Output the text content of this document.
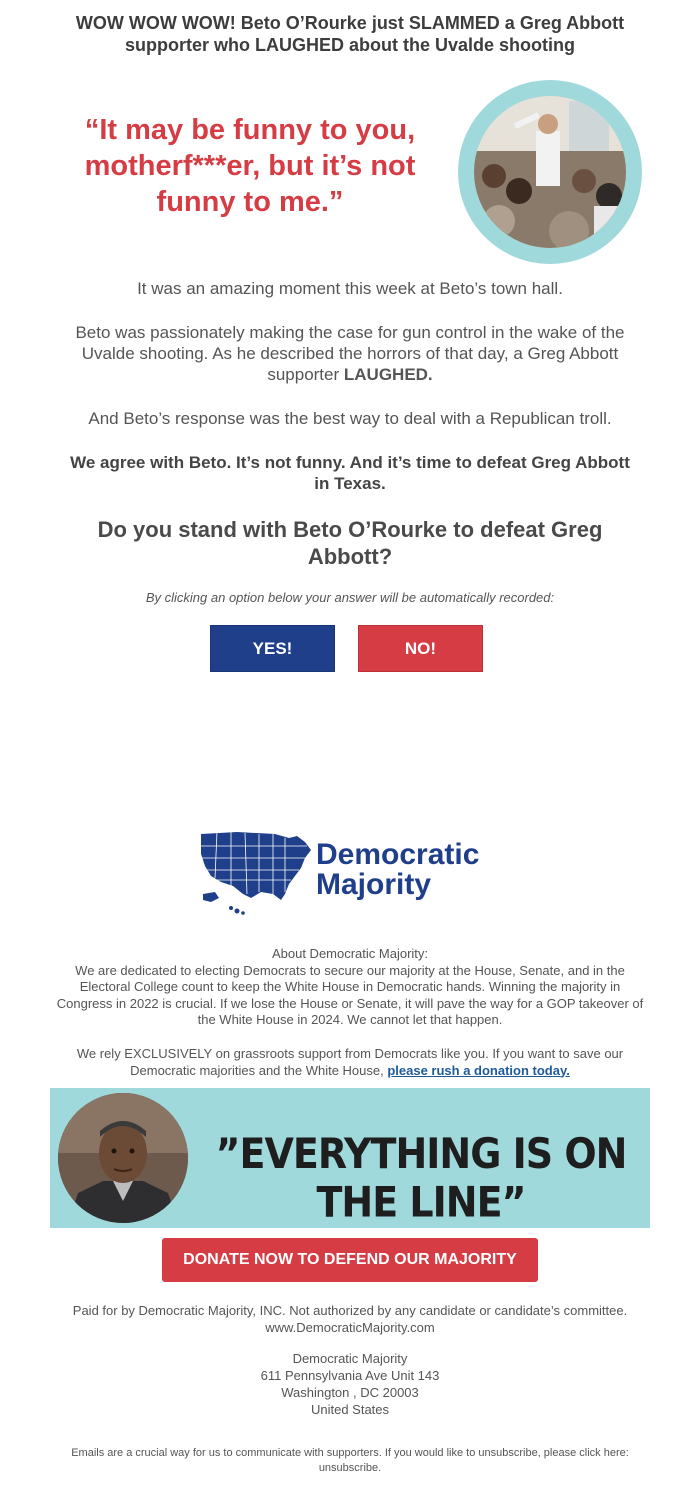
WOW WOW WOW! Beto O’Rourke just SLAMMED a Greg Abbott supporter who LAUGHED about the Uvalde shooting
“It may be funny to you, motherf***er, but it’s not funny to me.”
It was an amazing moment this week at Beto’s town hall.
Beto was passionately making the case for gun control in the wake of the Uvalde shooting. As he described the horrors of that day, a Greg Abbott supporter LAUGHED.
And Beto’s response was the best way to deal with a Republican troll.
We agree with Beto. It’s not funny. And it’s time to defeat Greg Abbott in Texas.
Do you stand with Beto O’Rourke to defeat Greg Abbott?
By clicking an option below your answer will be automatically recorded:
YES!	NO!
Democratic
Majority
About Democratic Majority:
We are dedicated to electing Democrats to secure our majority at the House, Senate, and in the Electoral College count to keep the White House in Democratic hands. Winning the majority in Congress in 2022 is crucial. If we lose the House or Senate, it will pave the way for a GOP takeover of the White House in 2024. We cannot let that happen.
We rely EXCLUSIVELY on grassroots support from Democrats like you. If you want to save our Democratic majorities and the White House, please rush a donation today.
”EVERYTHING IS ON THE LINE”
DONATE NOW TO DEFEND OUR MAJORITY
Paid for by Democratic Majority, INC. Not authorized by any candidate or candidate’s committee. www.DemocraticMajority.com
Democratic Majority
611 Pennsylvania Ave Unit 143
Washington , DC 20003
United States
Emails are a crucial way for us to communicate with supporters. If you would like to unsubscribe, please click here: unsubscribe.
